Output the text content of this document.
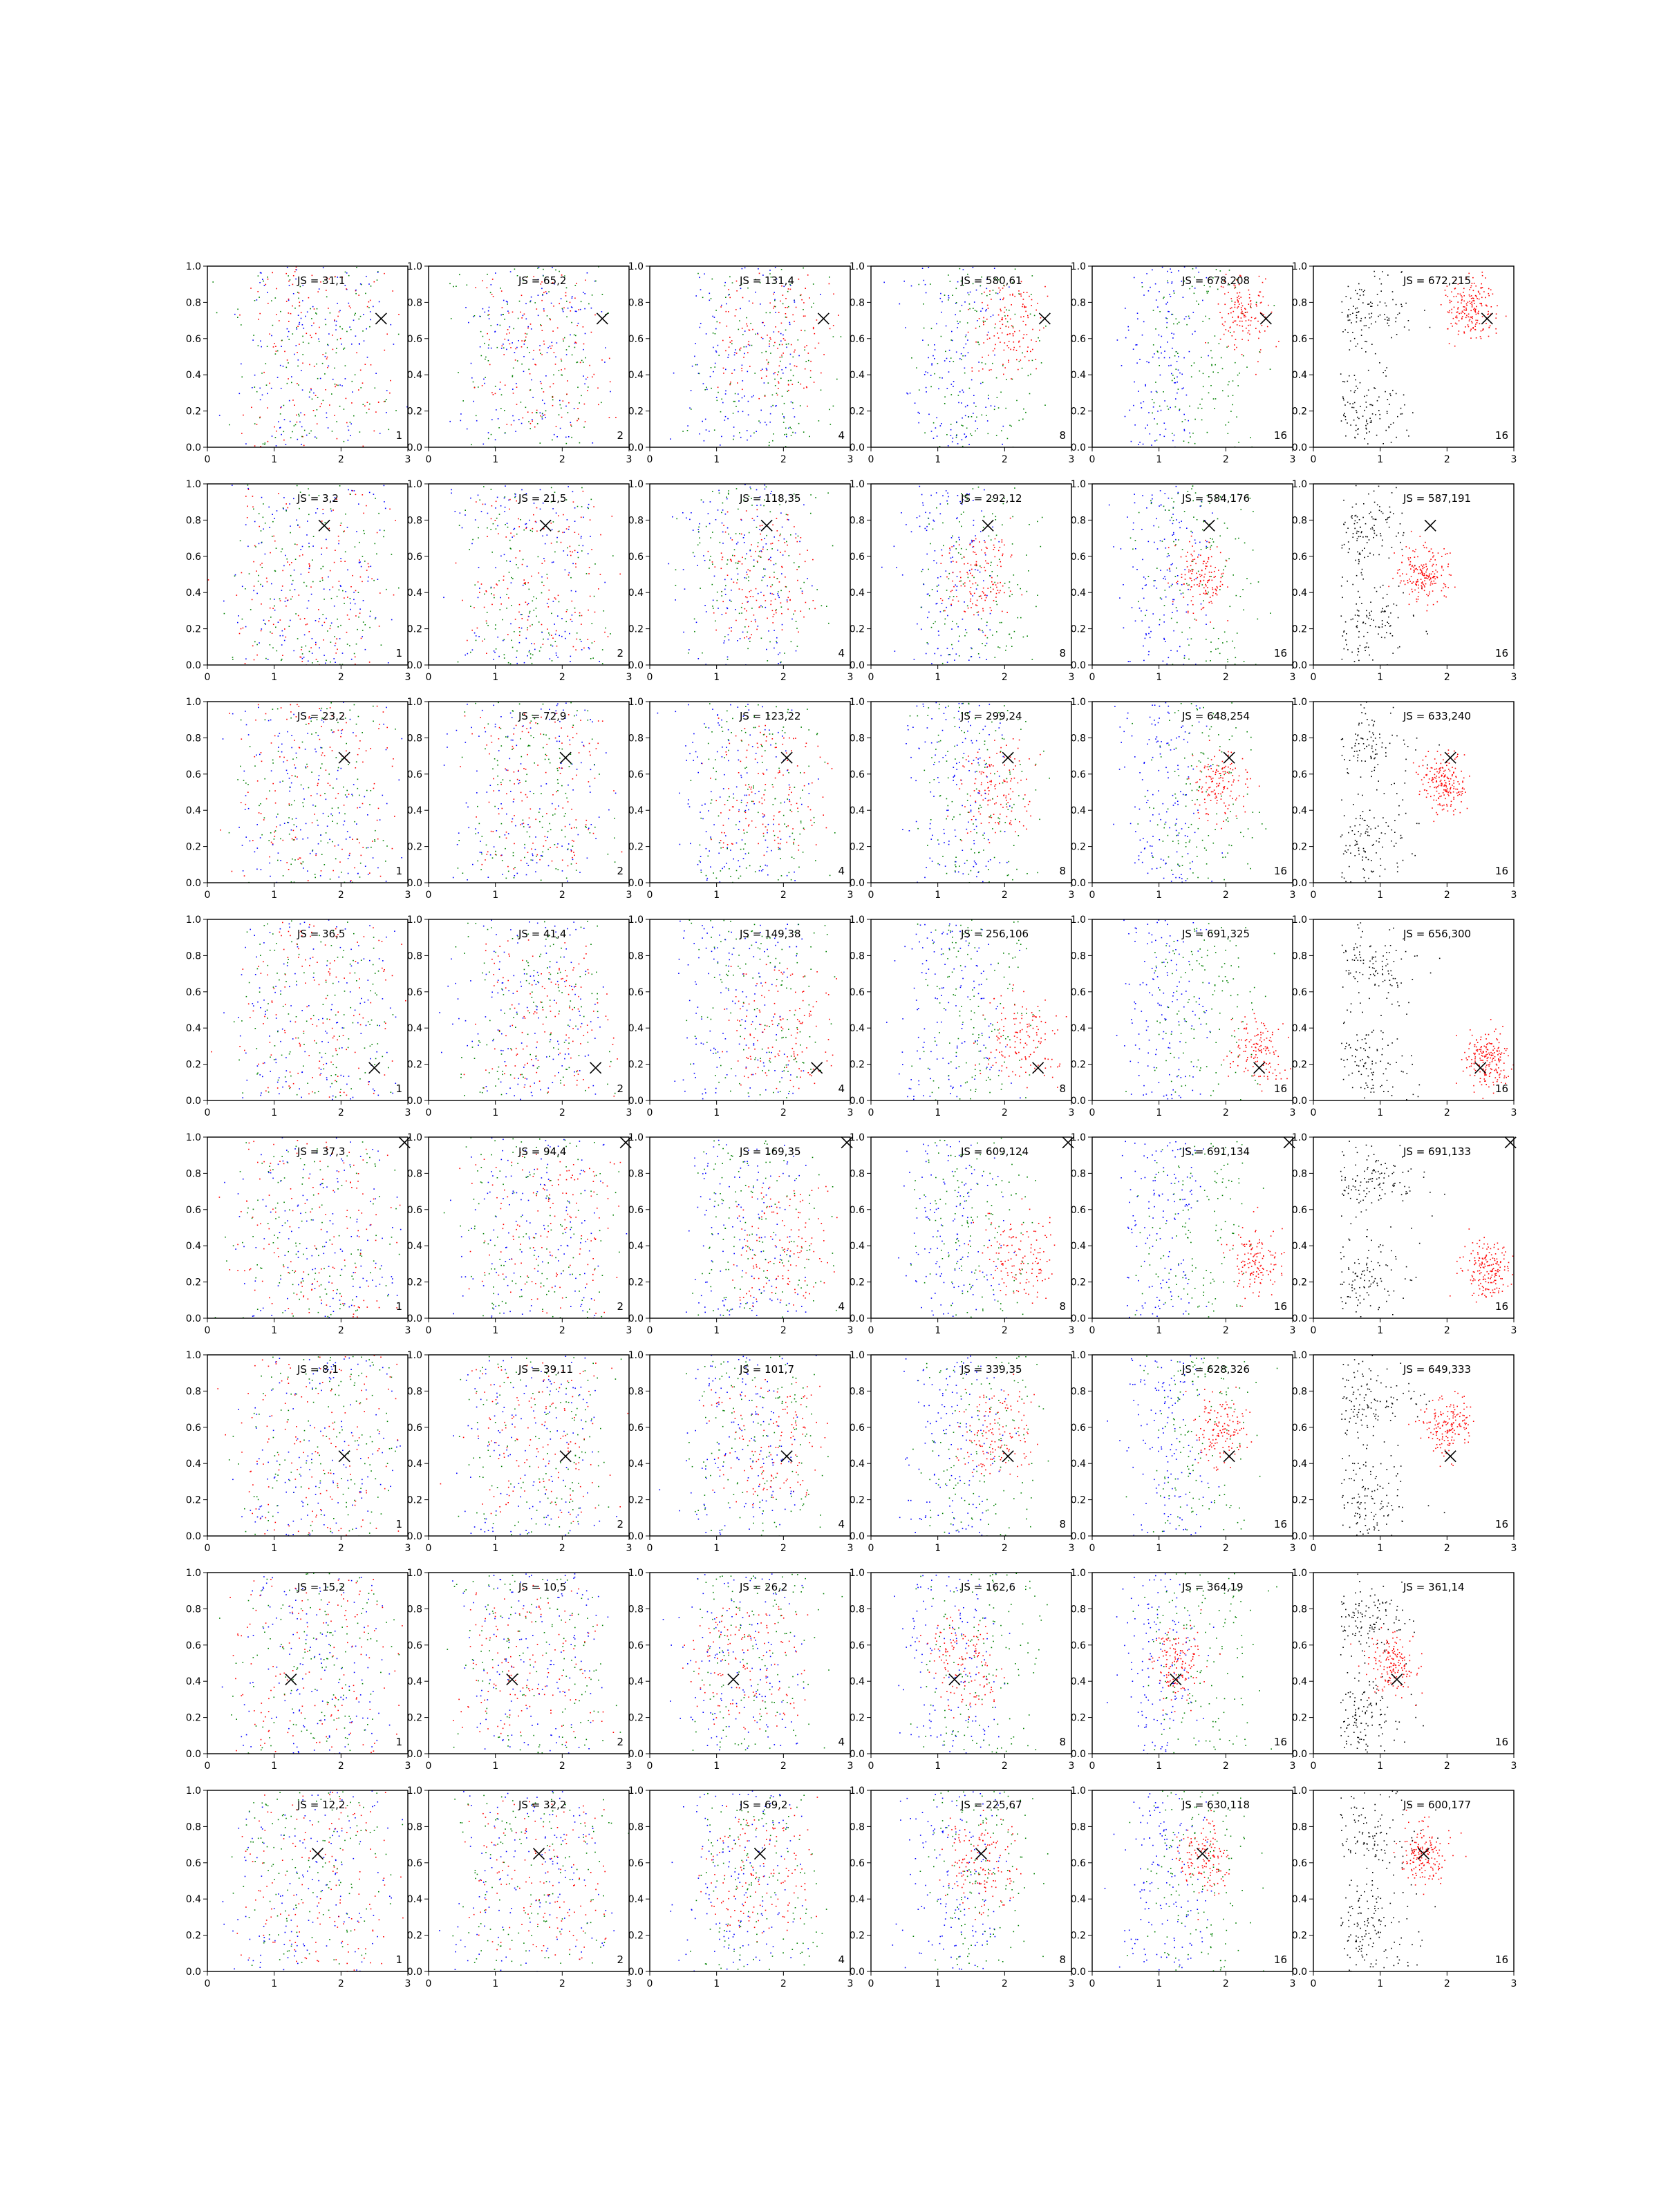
0	1	2	3
0.0
0.2
0.4
0.6
0.8
1.0
JS = 31,1
1
0	1	2	3
0.0
0.2
0.4
0.6
0.8
1.0
JS = 65,2
2
0	1	2	3
0.0
0.2
0.4
0.6
0.8
1.0
JS = 131,4
4
0	1	2	3
0.0
0.2
0.4
0.6
0.8
1.0
JS = 580,61
8
0	1	2	3
0.0
0.2
0.4
0.6
0.8
1.0
JS = 678,208
16
0	1	2	3
0.0
0.2
0.4
0.6
0.8
1.0
JS = 672,215
16
0	1	2	3
0.0
0.2
0.4
0.6
0.8
1.0
JS = 3,2
1
0	1	2	3
0.0
0.2
0.4
0.6
0.8
1.0
JS = 21,5
2
0	1	2	3
0.0
0.2
0.4
0.6
0.8
1.0
JS = 118,35
4
0	1	2	3
0.0
0.2
0.4
0.6
0.8
1.0
JS = 292,12
8
0	1	2	3
0.0
0.2
0.4
0.6
0.8
1.0
JS = 584,176
16
0	1	2	3
0.0
0.2
0.4
0.6
0.8
1.0
JS = 587,191
16
0	1	2	3
0.0
0.2
0.4
0.6
0.8
1.0
JS = 23,2
1
0	1	2	3
0.0
0.2
0.4
0.6
0.8
1.0
JS = 72,9
2
0	1	2	3
0.0
0.2
0.4
0.6
0.8
1.0
JS = 123,22
4
0	1	2	3
0.0
0.2
0.4
0.6
0.8
1.0
JS = 299,24
8
0	1	2	3
0.0
0.2
0.4
0.6
0.8
1.0
JS = 648,254
16
0	1	2	3
0.0
0.2
0.4
0.6
0.8
1.0
JS = 633,240
16
0	1	2	3
0.0
0.2
0.4
0.6
0.8
1.0
JS = 36,5
1
0	1	2	3
0.0
0.2
0.4
0.6
0.8
1.0
JS = 41,4
2
0	1	2	3
0.0
0.2
0.4
0.6
0.8
1.0
JS = 149,38
4
0	1	2	3
0.0
0.2
0.4
0.6
0.8
1.0
JS = 256,106
8
0	1	2	3
0.0
0.2
0.4
0.6
0.8
1.0
JS = 691,325
16
0	1	2	3
0.0
0.2
0.4
0.6
0.8
1.0
JS = 656,300
16
0	1	2	3
0.0
0.2
0.4
0.6
0.8
1.0
JS = 37,3
1
0	1	2	3
0.0
0.2
0.4
0.6
0.8
1.0
JS = 94,4
2
0	1	2	3
0.0
0.2
0.4
0.6
0.8
1.0
JS = 169,35
4
0	1	2	3
0.0
0.2
0.4
0.6
0.8
1.0
JS = 609,124
8
0	1	2	3
0.0
0.2
0.4
0.6
0.8
1.0
JS = 691,134
16
0	1	2	3
0.0
0.2
0.4
0.6
0.8
1.0
JS = 691,133
16
0	1	2	3
0.0
0.2
0.4
0.6
0.8
1.0
JS = 8,1
1
0	1	2	3
0.0
0.2
0.4
0.6
0.8
1.0
JS = 39,11
2
0	1	2	3
0.0
0.2
0.4
0.6
0.8
1.0
JS = 101,7
4
0	1	2	3
0.0
0.2
0.4
0.6
0.8
1.0
JS = 339,35
8
0	1	2	3
0.0
0.2
0.4
0.6
0.8
1.0
JS = 628,326
16
0	1	2	3
0.0
0.2
0.4
0.6
0.8
1.0
JS = 649,333
16
0	1	2	3
0.0
0.2
0.4
0.6
0.8
1.0
JS = 15,2
1
0	1	2	3
0.0
0.2
0.4
0.6
0.8
1.0
JS = 10,5
2
0	1	2	3
0.0
0.2
0.4
0.6
0.8
1.0
JS = 26,2
4
0	1	2	3
0.0
0.2
0.4
0.6
0.8
1.0
JS = 162,6
8
0	1	2	3
0.0
0.2
0.4
0.6
0.8
1.0
JS = 364,19
16
0	1	2	3
0.0
0.2
0.4
0.6
0.8
1.0
JS = 361,14
16
0	1	2	3
0.0
0.2
0.4
0.6
0.8
1.0
JS = 12,2
1
0	1	2	3
0.0
0.2
0.4
0.6
0.8
1.0
JS = 32,2
2
0	1	2	3
0.0
0.2
0.4
0.6
0.8
1.0
JS = 69,2
4
0	1	2	3
0.0
0.2
0.4
0.6
0.8
1.0
JS = 225,67
8
0	1	2	3
0.0
0.2
0.4
0.6
0.8
1.0
JS = 630,118
16
0	1	2	3
0.0
0.2
0.4
0.6
0.8
1.0
JS = 600,177
16
